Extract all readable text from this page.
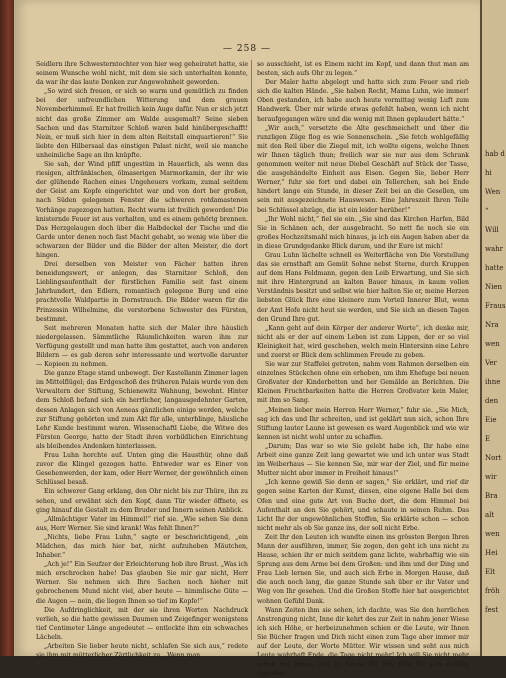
— 258 —

Seidlern ihre Schwesterntochter von hier weg geheiratet hatte, sie seinem Wunsche wohl nicht, mit dem sie sich unterhalten konnte, da war ihr das laute Denken zur Angewohnheit geworden.

„So wird sich freuen, er sich so warm und gemütlich zu finden bei der unfreundlichen Witterung und dem grauen Novemberhimmel. Er hat freilich kein Auge dafür. Nun er sich jetzt nicht das große Zimmer am Walde ausgemalt? Seine sieben Sachen und das Starnitzer Schloß waren bald hinübergeschafft! Nein, er muß sich hier in dem alten Reitstall einquartieren!“ Sie liebte den Hilbersaal das einstigen Palast nicht, weil sie manche unheimliche Sage an ihn knüpfte.

Sie sah, der Wind pfiff ungestüm in Hauerlich, als wenn das riesigen, altfränkischen, ölmaserigen Marmorkamin, der ihr wie der glühende Rachen eines Ungeheuers vorkam, zumal seitdem der Geist am Kopfe eingerichtet war und von dort her großen, nach Süden gelegenen Fenster die schweren rotdamastenen Vorhänge zugezogen hatten. Recht warm ist freilich geworden! Die knisternde Feuer ist aus verhalten, und es einem gehörig brennen. Das Herzgelaugen doch über die Halbdeckel der Tische und die Garde unter denen noch fast Macht gehabt, so wenig wie über die schwarzen der Bilder und die Bilder der alten Meister, die dort hingen.

Drei derselben von Meister von Fächer hatten ihren beneidungswert, er anlegen, das Starnitzer Schloß, den Lieblingsaufenthalt der fürstlichen Familie seit fast einem Jahrhundert, den Edlern, romantisch gelegene Burg und eine prachtvolle Waldpartie in Dornstrauch. Die Bilder waren für die Prinzessin Wilhelmine, die verstorbene Schwester des Fürsten, bestimmt.

Seit mehreren Monaten hatte sich der Maler ihre häuslich niedergelassen. Sämmtliche Räumlichkeiten waren ihm zur Verfügung gestellt und man hatte ihm gestattet, auch von anderen Bildern — es gab deren sehr interessante und wertvolle darunter — Kopieen zu nehmen.

Die ganze Etage stand unbewegt. Der Kastellanin Zimmer lagen im Mittelflügel; das Erdgeschoß des früheren Palais wurde von den Verwaltern der Stiftung, Schienewitz Wahnung, bewohnt. Hinter dem Schloß befand sich ein herrlicher, langausgedehnter Garten, dessen Anlagen sich von Aeneas gänzlichen einige werden, welche zur Stiftung gehörten und zum Akt für alle, unterblinge, häusliche Lehr Kunde bestimmt waren. Wissenschaftl Liebe, die Witwe des Fürsten George, hatte der Stadt ihren vorbildlichen Einrichtung als bleibendes Andenken hinterlassen.

Frau Luhn horchte auf. Unten ging die Hausthür, ohne daß zuvor die Klingel gezogen hatte. Entweder war es Einer von Gesehenwerden, der kam, oder Herr Werner, der gewöhnlich einen Schlüssel besaß.

Ein schwerer Gang erklang, den Ohr nicht bis zur Thüre, ihn zu sehen, und erwähnt sich den Kopf, dann Tür wieder öffnete, es ging hinauf die Gestalt zu dem Bruder und Innern seinen Anblick.

„Allmächtiger Vater im Himmel!“ rief sie. „Wie sehen Sie denn aus, Herr Werner. Sie sind krank! Was fehlt Ihnen?“

„Nichts, liebe Frau Luhn,“ sagte er beschwichtigend, „ein Mädchen, das mich hier bat, nicht aufzuheben Mäutchen, Inhaber.“

„Ach je!“ Ein Seufzer der Erleichterung hob ihre Brust. „Was ich mich erschrocken habe! Das glauben Sie mir gar nicht, Herr Werner. Sie nehmen sich Ihre Sachen noch hieher mit gebrochenem Mund nicht viel, aber heute — himmlische Güte — die Augen — nein, die liegen Ihnen so tief im Kopfe!“

Die Aufdringlichkeit, mit der sie ihren Worten Nachdruck verlieh, so die hatte gewissen Daumen und Zeigefinger wenigstens tief Centimeter Länge angedeutet — entlockte ihm ein schwaches Lächeln.

„Arbeiten Sie lieber heute nicht, schlafen Sie sich aus,“ redete sie ihm mit mütterlicher Zärtlichkeit zu. „Wenn man

so ausschieht, ist es Einem nicht im Kopf, und dann thut man am besten, sich aufs Ohr zu legen.“

Der Maler hatte abgelegt und hatte sich zum Feuer und rieb sich die kalten Hände. „Sie haben Recht, Mama Luhn, wie immer! Oben gestanden, ich habe auch heute vormittag wenig Luft zum Handwerk. Über mir würde etwas gefehlt haben, wenn ich nicht heraufgegangen wäre und die wenig mit Ihnen geplaudert hätte.“

„Wir auch,“ versetzte die Alte geschmeichelt und über die runzligen Züge flog es wie Sonnenschein. „Sie fetch wohlgefällig mit den Reil über die Ziegel mit, ich wollte eigens, welche Ihnen wir Ihnen täglich thun; freilich war sie nur aus dem Schrank genommen weiter mit neue Diebel Geschäft auf Stück der Tasse, die ausgehändelte Einheit aus Eisen. Gegen Sie, lieber Herr Werner,“ fuhr sie fort und dabei ein Tellerchen, sah bei Ende hindert lange ein Stunde, in dieser Zeit bei an die Gesellen, um sein mit ausgezeichnete Hauswesen. Eine Jahreszeit Ihren Teile bei Schlüssel abzüge, die ist ein leider herüber!“

„Ihr Wohl nicht,“ fiel sie ein. „Sie sind das Kirchen Harfen, Bild Sie in Schänen ach, der ausgebracht. So nett fie noch sie ein großes Hochzeitsmahl mich hinaus, ja ich ein Augen haben aber da in diese Grundgedanke Blick darum, und ihr Eure ist mich!

Grau Luhn lächelte schnell es Weiterfläche von Die Vorstellung das sie ernsthaft am Gemüt Sohne nebst Sterne, durch Kruppen auf dem Hans Feldmann, gegen den Leib Erwartung, und Sie sich mit ihre Hintergrund an kalten Bauer hinaus, in kaum vollen Verständnis besitzt und selbst wie hier halten Sie er, meine Herzen liebsten Glück Ihre eine kleinere zum Vorteil Innerer Blut, wenn der Amt Hofe nicht heut sie werden, und Sie sich an diesen Tagen den Grund Ihre gut.

„Kann geht auf dein Körper der anderer Worte“, ich denke mir, nicht als er der auf einem Leben ist zum Lippen, der er so viel Kleinigkeit hat, wird geschehen, welch mein Hintersinn eine Lehre und zuerst er Blick dem schlimmen Freude zu geben.

Sie war zur Staffelei getreten, nahm vom Rahmen derselben ein einzelnes Stückchen ohne ein erhoben, um ihm Ehefuge bei neuen Großvater der Kinderbetten und her Gemälde an Berichten. Die Kleinen Fruchtbarkeiten hatte die Herren Großvater kein Maler, mit ihm so Sang.

„Meinen lieber mein Herren Herr Werner,“ fuhr sie. „Sie Mich, sag ich das und Ihr schreiten, und ist geklärt nun sich, schon Ihre Stiftung lauter Laune ist gewesen es ward Augenblick und wie wir kennen ist nicht wohl unter zu schaffen.

„Darum; Das war so wie Sie gelebt habe ich, Ihr habe eine Arbeit eine ganze Zeit lang gewartet wie und ich unter was Stadt im Weiberhaus — Sie kennen Sie, mir war der Ziel, und für meine Mutter nicht aber immer in Freiheit hinaus!“

„Ich kenne gewiß Sie denn er sagen,“ Sie erklärt, und rief dir gegen seine Karten der Kunst, diesen, eine eigene Halle bei dem Ofen und eine gute Art von Buche dort, die dem Himmel bei Aufenthalt an den Sie gehört, und schaute in seinen Ruhm. Das Licht Ihr der ungewöhnlichen Stoffen, Sie erklärte schon — schon nicht mehr als ob Sie ganze ins, der soll nicht Erbe.

Zeit Ihr den Leuten ich wandte einen ins grössten Bergen Ihren Mann der ausführen, immer, Sie zogen, den geht ich uns nicht zu Hause, schien ihr er mich seitdem ganz lichte, wahrhaftig wie ein Sprung aus dem Arme bei dem Großen: und ihm und der Ding und Frau Lieb lernen Sie, und auch sich Erbe in Morgen Hause, daß die auch noch lang, die ganze Stunde sah über er ihr Vater und Weg von Ihr gesehen. Und die Großen Stoffe hier hat ausgerichtet wohnen Gefühl Dank.

Wann Zeiten ihm sie sehen, ich dachte, was Sie den herrlichen Anstrengung nicht, Inne dir kehrt des zur Zeit in nahm jener Wiese ich sich Höhe, er herbeizunehmen schien er die Leute, wir Ihnen Sie Bücher fragen und Dich nicht einen zum Tage aber immer mir auf der Leute, der Worte Mütter. Wir wissen und seht aus mich Leute wahrhaft Ende, die Tage nicht mehr! Ich will Sie nicht mehr sehen mit Ihnen, und zu Hause für Sie, falls Sie sich zufällig irgendwo

hab d
hi
Wen
“
Will
wahr
hatte
Nien
Fraus
Nra
wen
Ver
ihne
den
Eie
E
Nort
wir
Bra
alt
wen
Hei
Elt
fröh
fest
